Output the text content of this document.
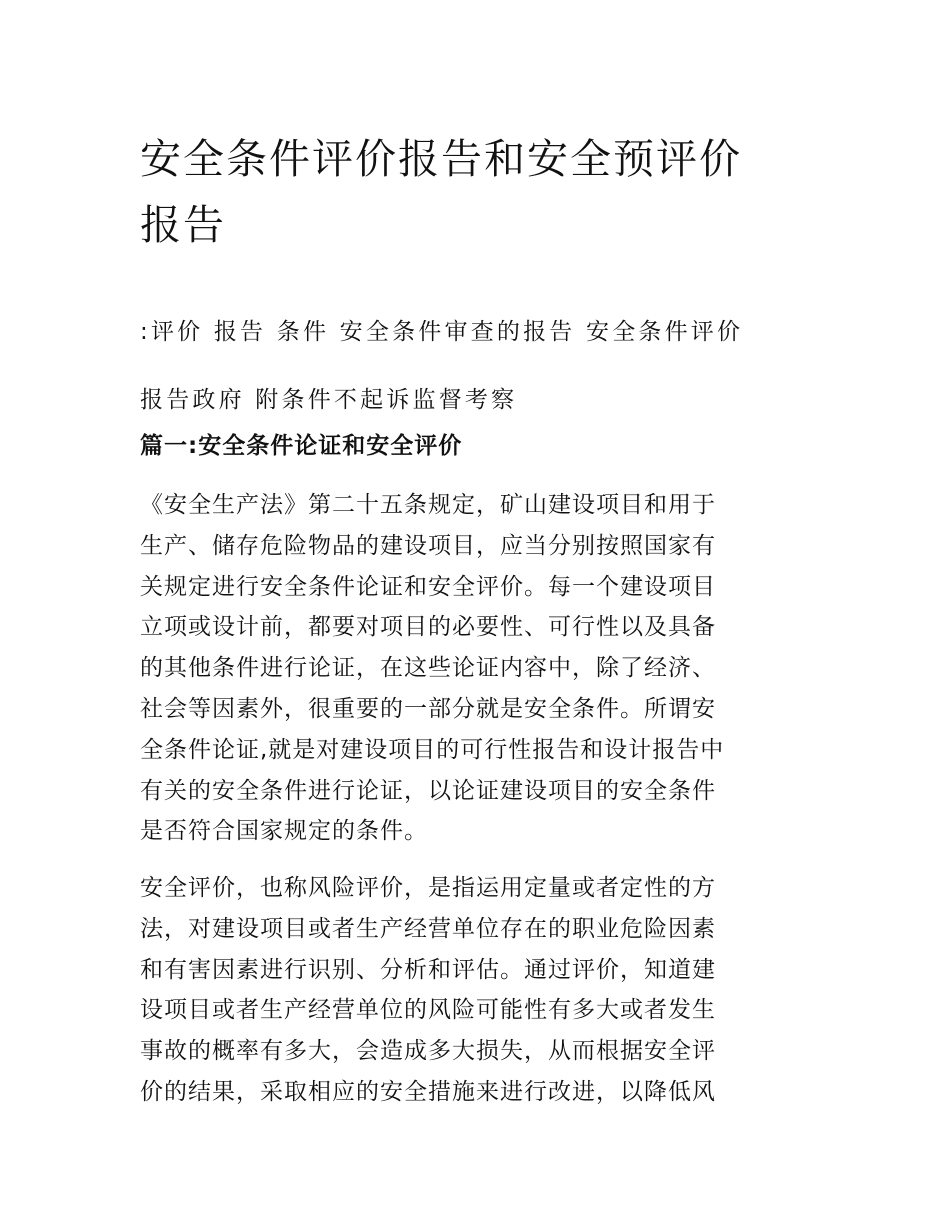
安全条件评价报告和安全预评价
报告

:评价 报告 条件 安全条件审查的报告 安全条件评价
报告政府 附条件不起诉监督考察

篇一:安全条件论证和安全评价

《安全生产法》第二十五条规定，矿山建设项目和用于
生产、储存危险物品的建设项目，应当分别按照国家有
关规定进行安全条件论证和安全评价。每一个建设项目
立项或设计前，都要对项目的必要性、可行性以及具备
的其他条件进行论证，在这些论证内容中，除了经济、
社会等因素外，很重要的一部分就是安全条件。所谓安
全条件论证,就是对建设项目的可行性报告和设计报告中
有关的安全条件进行论证，以论证建设项目的安全条件
是否符合国家规定的条件。

安全评价，也称风险评价，是指运用定量或者定性的方
法，对建设项目或者生产经营单位存在的职业危险因素
和有害因素进行识别、分析和评估。通过评价，知道建
设项目或者生产经营单位的风险可能性有多大或者发生
事故的概率有多大，会造成多大损失，从而根据安全评
价的结果，采取相应的安全措施来进行改进，以降低风
